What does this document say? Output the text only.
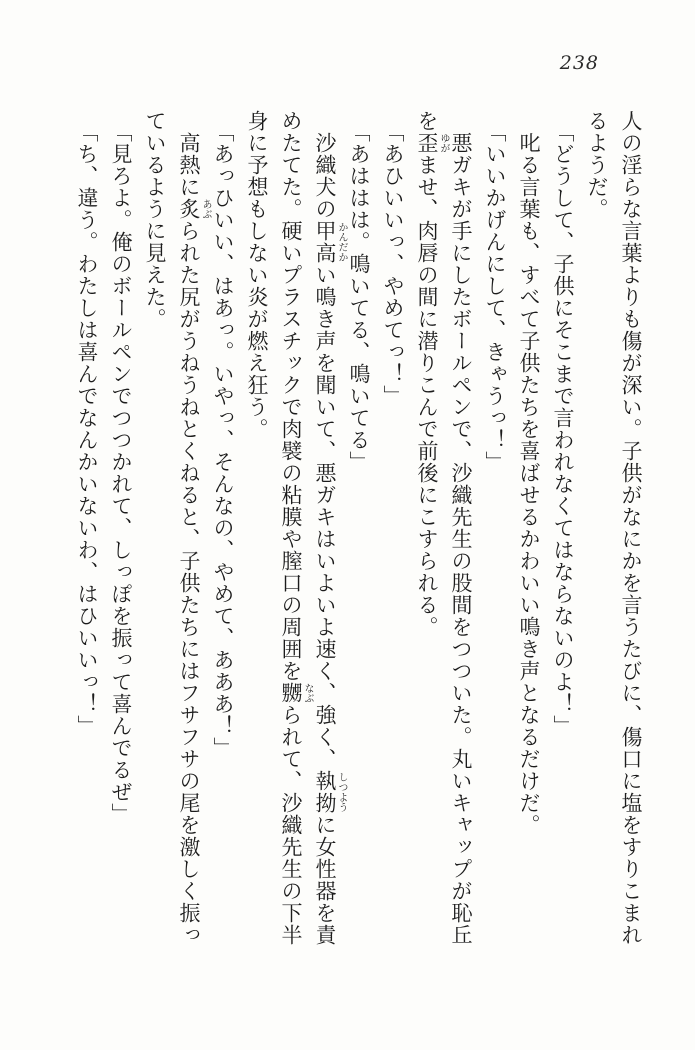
238

人の淫らな言葉よりも傷が深い。子供がなにかを言うたびに、傷口に塩をすりこまれるようだ。

「どうして、子供にそこまで言われなくてはならないのよ！」

叱る言葉も、すべて子供たちを喜ばせるかわいい鳴き声となるだけだ。

「いいかげんにして、きゃうっ！」

悪ガキが手にしたボールペンで、沙織先生の股間をつついた。丸いキャップが恥丘を歪ませ、肉唇の間に潜りこんで前後にこすられる。

「あひいいっ、やめてっ！」

「あははは。鳴いてる、鳴いてる」

沙織犬の甲高い鳴き声を聞いて、悪ガキはいよいよ速く、強く、執拗に女性器を責めたてた。硬いプラスチックで肉襞の粘膜や膣口の周囲を嬲られて、沙織先生の下半身に予想もしない炎が燃え狂う。

「あっひいい、はあっ。いやっ、そんなの、やめて、あああ！」

高熱に炙られた尻がうねうねとくねると、子供たちにはフサフサの尾を激しく振っているように見えた。

「見ろよ。俺のボールペンでつつかれて、しっぽを振って喜んでるぜ」

「ち、違う。わたしは喜んでなんかいないわ、はひいいっ！」	ゆが
かんだか
しつよう
なぶ
あぶ
